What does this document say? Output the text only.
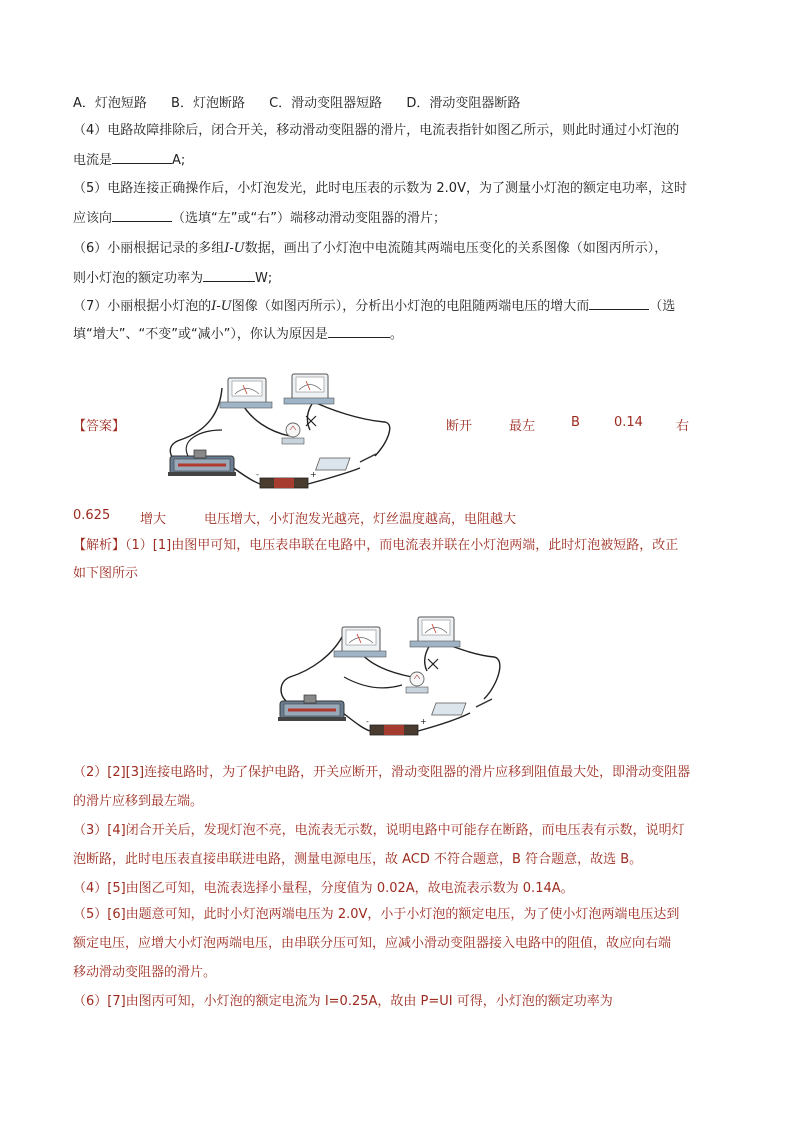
A．灯泡短路 B．灯泡断路 C．滑动变阻器短路 D．滑动变阻器断路
（4）电路故障排除后，闭合开关，移动滑动变阻器的滑片，电流表指针如图乙所示，则此时通过小灯泡的
电流是	A;
（5）电路连接正确操作后，小灯泡发光，此时电压表的示数为 2.0V，为了测量小灯泡的额定电功率，这时
应该向	（选填“左”或“右”）端移动滑动变阻器的滑片；
（6）小丽根据记录的多组I-U数据，画出了小灯泡中电流随其两端电压变化的关系图像（如图丙所示），
则小灯泡的额定功率为	W;
（7）小丽根据小灯泡的I-U图像（如图丙所示），分析出小灯泡的电阻随两端电压的增大而	（选
填“增大”、“不变”或“减小”），你认为原因是	。
【答案】
-	+
断开	最左	B	0.14	右
0.625 增大	电压增大，小灯泡发光越亮，灯丝温度越高，电阻越大
【解析】（1）[1]由图甲可知，电压表串联在电路中，而电流表并联在小灯泡两端，此时灯泡被短路，改正
如下图所示
-	+
（2）[2][3]连接电路时，为了保护电路，开关应断开，滑动变阻器的滑片应移到阻值最大处，即滑动变阻器
的滑片应移到最左端。
（3）[4]闭合开关后，发现灯泡不亮，电流表无示数，说明电路中可能存在断路，而电压表有示数，说明灯
泡断路，此时电压表直接串联进电路，测量电源电压，故 ACD 不符合题意，B 符合题意，故选 B。
（4）[5]由图乙可知，电流表选择小量程，分度值为 0.02A，故电流表示数为 0.14A。
（5）[6]由题意可知，此时小灯泡两端电压为 2.0V，小于小灯泡的额定电压，为了使小灯泡两端电压达到
额定电压，应增大小灯泡两端电压，由串联分压可知，应减小滑动变阻器接入电路中的阻值，故应向右端
移动滑动变阻器的滑片。
（6）[7]由图丙可知，小灯泡的额定电流为 I=0.25A，故由 P=UI 可得，小灯泡的额定功率为
